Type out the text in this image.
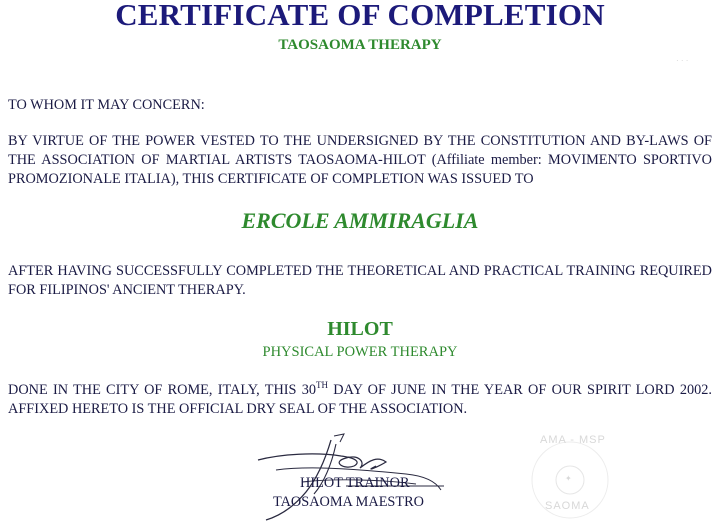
CERTIFICATE OF COMPLETION
TAOSAOMA THERAPY
· · ·
TO WHOM IT MAY CONCERN:
BY VIRTUE OF THE POWER VESTED TO THE UNDERSIGNED BY THE CONSTITUTION AND BY-LAWS OF THE ASSOCIATION OF MARTIAL ARTISTS TAOSAOMA-HILOT (Affiliate member: MOVIMENTO SPORTIVO PROMOZIONALE ITALIA), THIS CERTIFICATE OF COMPLETION WAS ISSUED TO
ERCOLE AMMIRAGLIA
AFTER HAVING SUCCESSFULLY COMPLETED THE THEORETICAL AND PRACTICAL TRAINING REQUIRED FOR FILIPINOS' ANCIENT THERAPY.
HILOT
PHYSICAL POWER THERAPY
DONE IN THE CITY OF ROME, ITALY, THIS 30TH DAY OF JUNE IN THE YEAR OF OUR SPIRIT LORD 2002. AFFIXED HERETO IS THE OFFICIAL DRY SEAL OF THE ASSOCIATION.
HILOT TRAINOR
TAOSAOMA MAESTRO
AMA - MSP
✦
SAOMA
